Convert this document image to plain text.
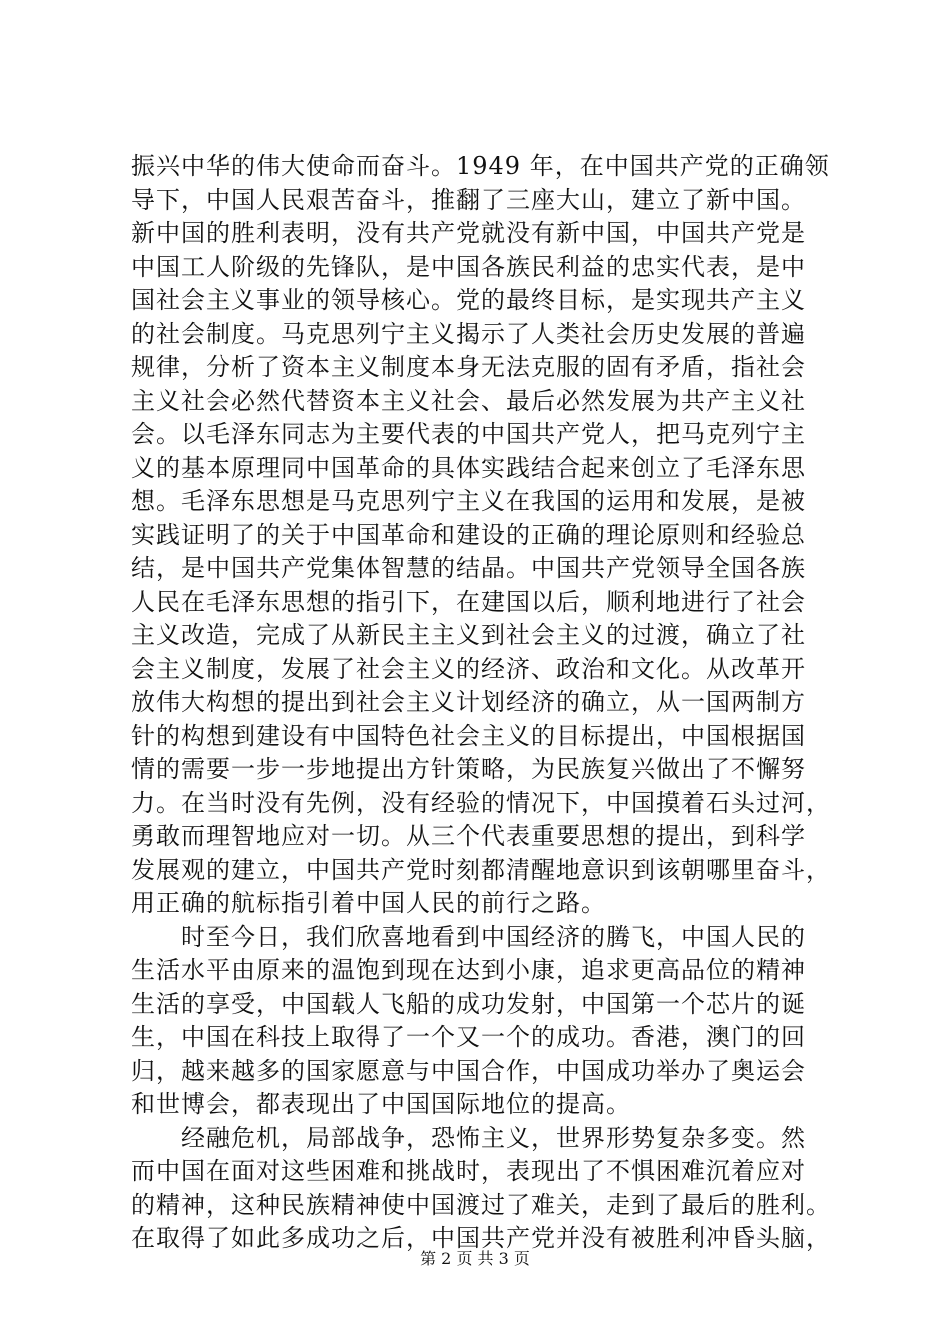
振兴中华的伟大使命而奋斗。1949 年，在中国共产党的正确领
导下，中国人民艰苦奋斗，推翻了三座大山，建立了新中国。
新中国的胜利表明，没有共产党就没有新中国，中国共产党是
中国工人阶级的先锋队，是中国各族民利益的忠实代表，是中
国社会主义事业的领导核心。党的最终目标，是实现共产主义
的社会制度。马克思列宁主义揭示了人类社会历史发展的普遍
规律，分析了资本主义制度本身无法克服的固有矛盾，指社会
主义社会必然代替资本主义社会、最后必然发展为共产主义社
会。以毛泽东同志为主要代表的中国共产党人，把马克列宁主
义的基本原理同中国革命的具体实践结合起来创立了毛泽东思
想。毛泽东思想是马克思列宁主义在我国的运用和发展，是被
实践证明了的关于中国革命和建设的正确的理论原则和经验总
结，是中国共产党集体智慧的结晶。中国共产党领导全国各族
人民在毛泽东思想的指引下，在建国以后，顺利地进行了社会
主义改造，完成了从新民主主义到社会主义的过渡，确立了社
会主义制度，发展了社会主义的经济、政治和文化。从改革开
放伟大构想的提出到社会主义计划经济的确立，从一国两制方
针的构想到建设有中国特色社会主义的目标提出，中国根据国
情的需要一步一步地提出方针策略，为民族复兴做出了不懈努
力。在当时没有先例，没有经验的情况下，中国摸着石头过河，
勇敢而理智地应对一切。从三个代表重要思想的提出，到科学
发展观的建立，中国共产党时刻都清醒地意识到该朝哪里奋斗，
用正确的航标指引着中国人民的前行之路。
　　时至今日，我们欣喜地看到中国经济的腾飞，中国人民的
生活水平由原来的温饱到现在达到小康，追求更高品位的精神
生活的享受，中国载人飞船的成功发射，中国第一个芯片的诞
生，中国在科技上取得了一个又一个的成功。香港，澳门的回
归，越来越多的国家愿意与中国合作，中国成功举办了奥运会
和世博会，都表现出了中国国际地位的提高。
　　经融危机，局部战争，恐怖主义，世界形势复杂多变。然
而中国在面对这些困难和挑战时，表现出了不惧困难沉着应对
的精神，这种民族精神使中国渡过了难关，走到了最后的胜利。
在取得了如此多成功之后，中国共产党并没有被胜利冲昏头脑，
第 2 页 共 3 页
